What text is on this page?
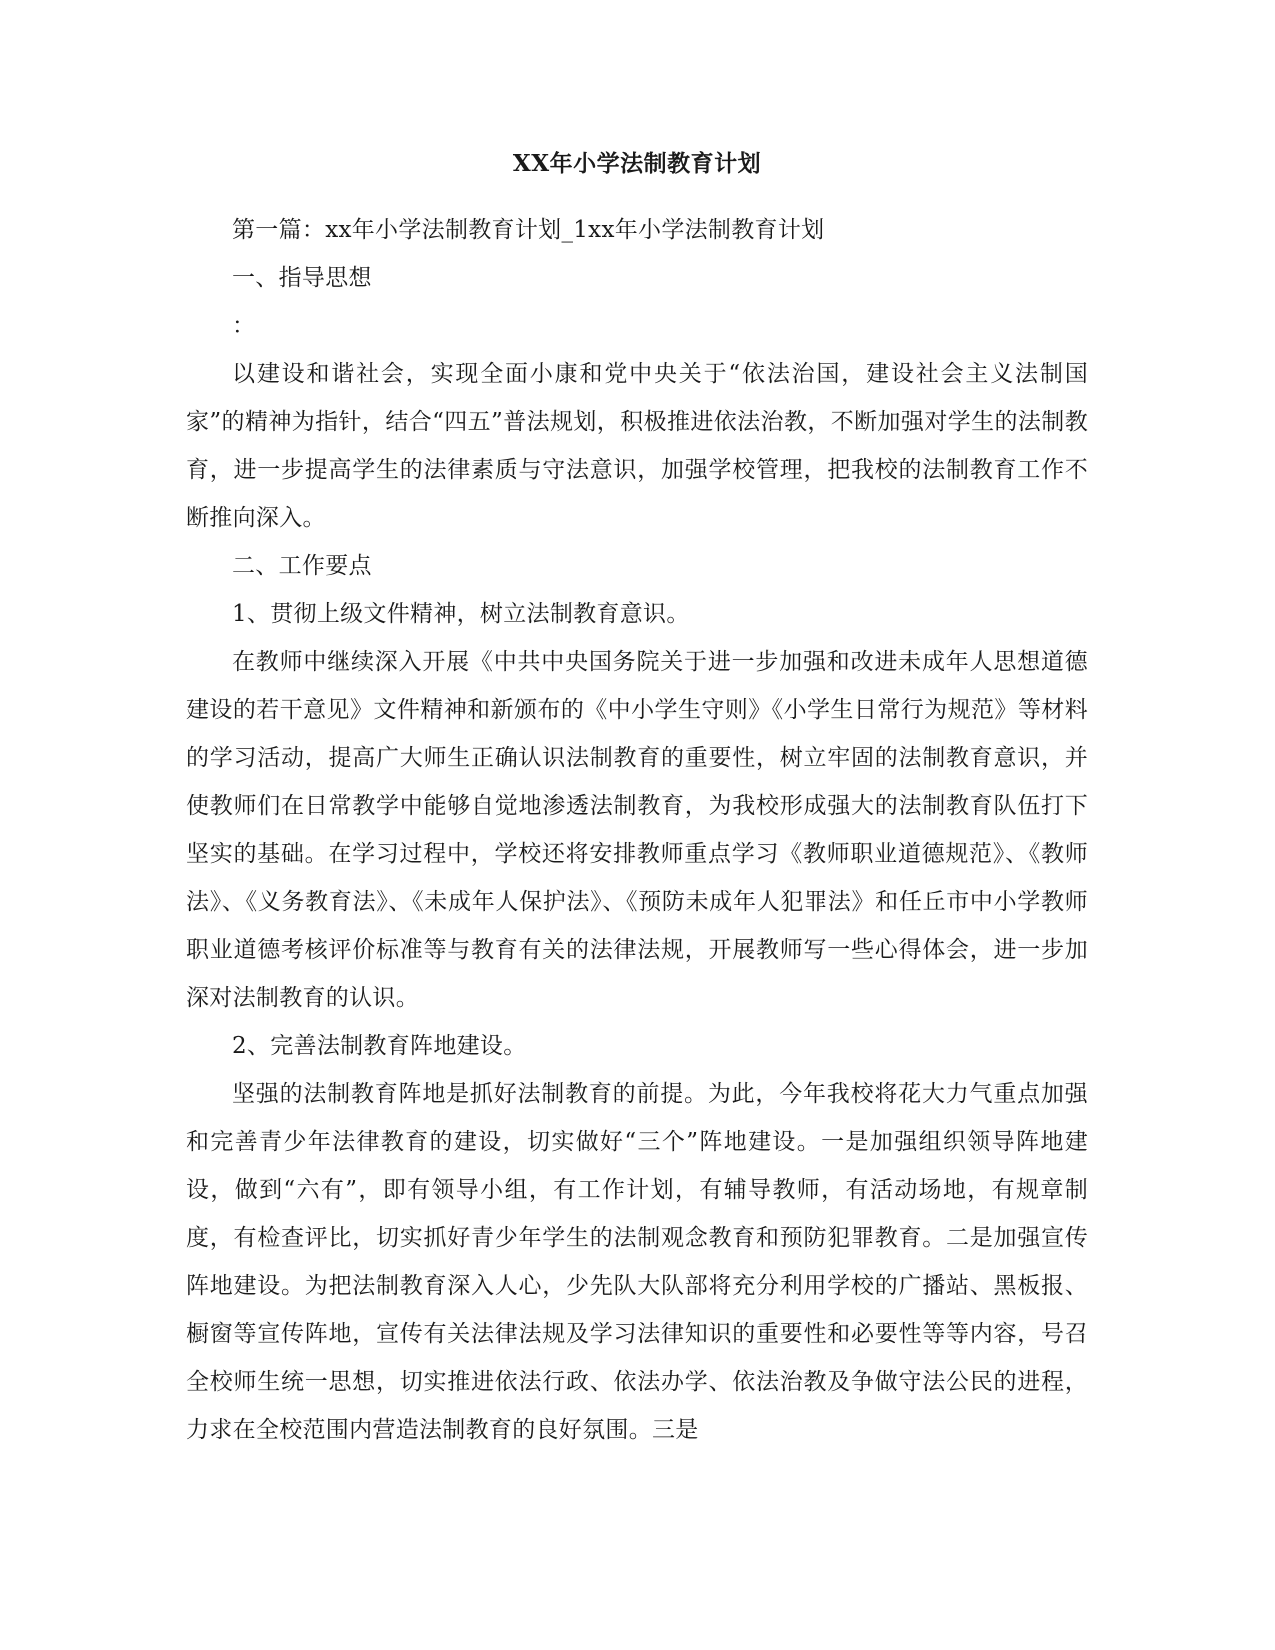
XX年小学法制教育计划

第一篇：xx年小学法制教育计划_1xx年小学法制教育计划

一、指导思想

：

以建设和谐社会，实现全面小康和党中央关于“依法治国，建设社会主义法制国家”的精神为指针，结合“四五”普法规划，积极推进依法治教，不断加强对学生的法制教育，进一步提高学生的法律素质与守法意识，加强学校管理，把我校的法制教育工作不断推向深入。

二、工作要点

1、贯彻上级文件精神，树立法制教育意识。

在教师中继续深入开展《中共中央国务院关于进一步加强和改进未成年人思想道德建设的若干意见》文件精神和新颁布的《中小学生守则》《小学生日常行为规范》等材料的学习活动，提高广大师生正确认识法制教育的重要性，树立牢固的法制教育意识，并使教师们在日常教学中能够自觉地渗透法制教育，为我校形成强大的法制教育队伍打下坚实的基础。在学习过程中，学校还将安排教师重点学习《教师职业道德规范》、《教师法》、《义务教育法》、《未成年人保护法》、《预防未成年人犯罪法》和任丘市中小学教师职业道德考核评价标准等与教育有关的法律法规，开展教师写一些心得体会，进一步加深对法制教育的认识。

2、完善法制教育阵地建设。

坚强的法制教育阵地是抓好法制教育的前提。为此，今年我校将花大力气重点加强和完善青少年法律教育的建设，切实做好“三个”阵地建设。一是加强组织领导阵地建设，做到“六有”，即有领导小组，有工作计划，有辅导教师，有活动场地，有规章制度，有检查评比，切实抓好青少年学生的法制观念教育和预防犯罪教育。二是加强宣传阵地建设。为把法制教育深入人心，少先队大队部将充分利用学校的广播站、黑板报、橱窗等宣传阵地，宣传有关法律法规及学习法律知识的重要性和必要性等等内容，号召全校师生统一思想，切实推进依法行政、依法办学、依法治教及争做守法公民的进程，力求在全校范围内营造法制教育的良好氛围。三是
